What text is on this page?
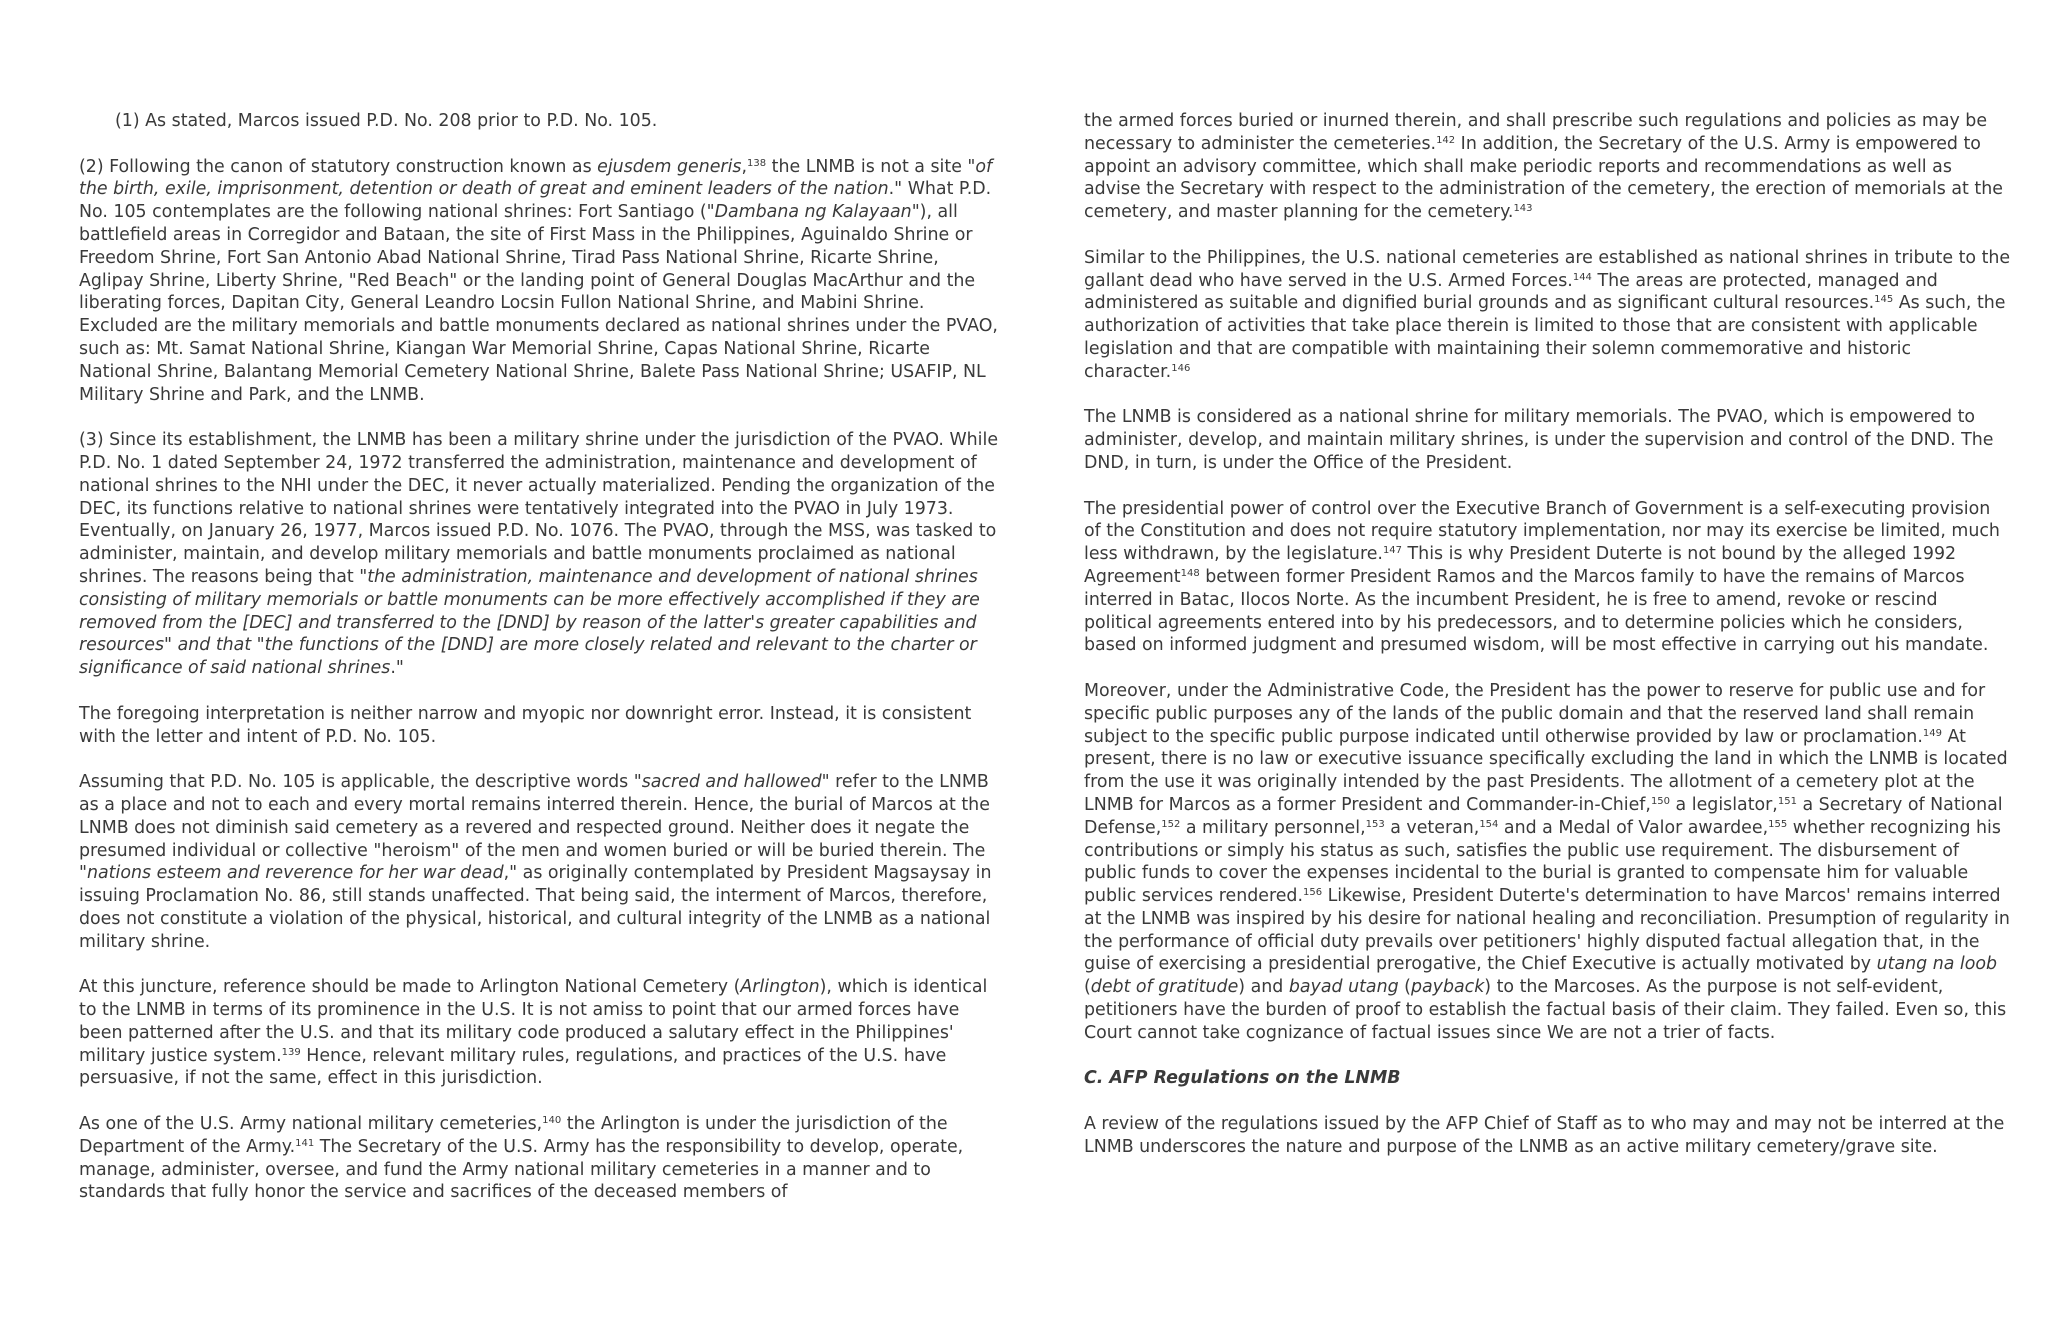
(1) As stated, Marcos issued P.D. No. 208 prior to P.D. No. 105.

(2) Following the canon of statutory construction known as ejusdem generis,$^{138}$ the LNMB is not a site "of the birth, exile, imprisonment, detention or death of great and eminent leaders of the nation." What P.D. No. 105 contemplates are the following national shrines: Fort Santiago ("Dambana ng Kalayaan"), all battlefield areas in Corregidor and Bataan, the site of First Mass in the Philippines, Aguinaldo Shrine or Freedom Shrine, Fort San Antonio Abad National Shrine, Tirad Pass National Shrine, Ricarte Shrine, Aglipay Shrine, Liberty Shrine, "Red Beach" or the landing point of General Douglas MacArthur and the liberating forces, Dapitan City, General Leandro Locsin Fullon National Shrine, and Mabini Shrine. Excluded are the military memorials and battle monuments declared as national shrines under the PVAO, such as: Mt. Samat National Shrine, Kiangan War Memorial Shrine, Capas National Shrine, Ricarte National Shrine, Balantang Memorial Cemetery National Shrine, Balete Pass National Shrine; USAFIP, NL Military Shrine and Park, and the LNMB.

(3) Since its establishment, the LNMB has been a military shrine under the jurisdiction of the PVAO. While P.D. No. 1 dated September 24, 1972 transferred the administration, maintenance and development of national shrines to the NHI under the DEC, it never actually materialized. Pending the organization of the DEC, its functions relative to national shrines were tentatively integrated into the PVAO in July 1973. Eventually, on January 26, 1977, Marcos issued P.D. No. 1076. The PVAO, through the MSS, was tasked to administer, maintain, and develop military memorials and battle monuments proclaimed as national shrines. The reasons being that "the administration, maintenance and development of national shrines consisting of military memorials or battle monuments can be more effectively accomplished if they are removed from the [DEC] and transferred to the [DND] by reason of the latter's greater capabilities and resources" and that "the functions of the [DND] are more closely related and relevant to the charter or significance of said national shrines."

The foregoing interpretation is neither narrow and myopic nor downright error. Instead, it is consistent with the letter and intent of P.D. No. 105.

Assuming that P.D. No. 105 is applicable, the descriptive words "sacred and hallowed" refer to the LNMB as a place and not to each and every mortal remains interred therein. Hence, the burial of Marcos at the LNMB does not diminish said cemetery as a revered and respected ground. Neither does it negate the presumed individual or collective "heroism" of the men and women buried or will be buried therein. The "nations esteem and reverence for her war dead," as originally contemplated by President Magsaysay in issuing Proclamation No. 86, still stands unaffected. That being said, the interment of Marcos, therefore, does not constitute a violation of the physical, historical, and cultural integrity of the LNMB as a national military shrine.

At this juncture, reference should be made to Arlington National Cemetery (Arlington), which is identical to the LNMB in terms of its prominence in the U.S. It is not amiss to point that our armed forces have been patterned after the U.S. and that its military code produced a salutary effect in the Philippines' military justice system.$^{139}$ Hence, relevant military rules, regulations, and practices of the U.S. have persuasive, if not the same, effect in this jurisdiction.

As one of the U.S. Army national military cemeteries,$^{140}$ the Arlington is under the jurisdiction of the Department of the Army.$^{141}$ The Secretary of the U.S. Army has the responsibility to develop, operate, manage, administer, oversee, and fund the Army national military cemeteries in a manner and to standards that fully honor the service and sacrifices of the deceased members of

the armed forces buried or inurned therein, and shall prescribe such regulations and policies as may be necessary to administer the cemeteries.$^{142}$ In addition, the Secretary of the U.S. Army is empowered to appoint an advisory committee, which shall make periodic reports and recommendations as well as advise the Secretary with respect to the administration of the cemetery, the erection of memorials at the cemetery, and master planning for the cemetery.$^{143}$

Similar to the Philippines, the U.S. national cemeteries are established as national shrines in tribute to the gallant dead who have served in the U.S. Armed Forces.$^{144}$ The areas are protected, managed and administered as suitable and dignified burial grounds and as significant cultural resources.$^{145}$ As such, the authorization of activities that take place therein is limited to those that are consistent with applicable legislation and that are compatible with maintaining their solemn commemorative and historic character.$^{146}$

The LNMB is considered as a national shrine for military memorials. The PVAO, which is empowered to administer, develop, and maintain military shrines, is under the supervision and control of the DND. The DND, in turn, is under the Office of the President.

The presidential power of control over the Executive Branch of Government is a self-executing provision of the Constitution and does not require statutory implementation, nor may its exercise be limited, much less withdrawn, by the legislature.$^{147}$ This is why President Duterte is not bound by the alleged 1992 Agreement$^{148}$ between former President Ramos and the Marcos family to have the remains of Marcos interred in Batac, Ilocos Norte. As the incumbent President, he is free to amend, revoke or rescind political agreements entered into by his predecessors, and to determine policies which he considers, based on informed judgment and presumed wisdom, will be most effective in carrying out his mandate.

Moreover, under the Administrative Code, the President has the power to reserve for public use and for specific public purposes any of the lands of the public domain and that the reserved land shall remain subject to the specific public purpose indicated until otherwise provided by law or proclamation.$^{149}$ At present, there is no law or executive issuance specifically excluding the land in which the LNMB is located from the use it was originally intended by the past Presidents. The allotment of a cemetery plot at the LNMB for Marcos as a former President and Commander-in-Chief,$^{150}$ a legislator,$^{151}$ a Secretary of National Defense,$^{152}$ a military personnel,$^{153}$ a veteran,$^{154}$ and a Medal of Valor awardee,$^{155}$ whether recognizing his contributions or simply his status as such, satisfies the public use requirement. The disbursement of public funds to cover the expenses incidental to the burial is granted to compensate him for valuable public services rendered.$^{156}$ Likewise, President Duterte's determination to have Marcos' remains interred at the LNMB was inspired by his desire for national healing and reconciliation. Presumption of regularity in the performance of official duty prevails over petitioners' highly disputed factual allegation that, in the guise of exercising a presidential prerogative, the Chief Executive is actually motivated by utang na loob (debt of gratitude) and bayad utang (payback) to the Marcoses. As the purpose is not self-evident, petitioners have the burden of proof to establish the factual basis of their claim. They failed. Even so, this Court cannot take cognizance of factual issues since We are not a trier of facts.

C. AFP Regulations on the LNMB

A review of the regulations issued by the AFP Chief of Staff as to who may and may not be interred at the LNMB underscores the nature and purpose of the LNMB as an active military cemetery/grave site.
